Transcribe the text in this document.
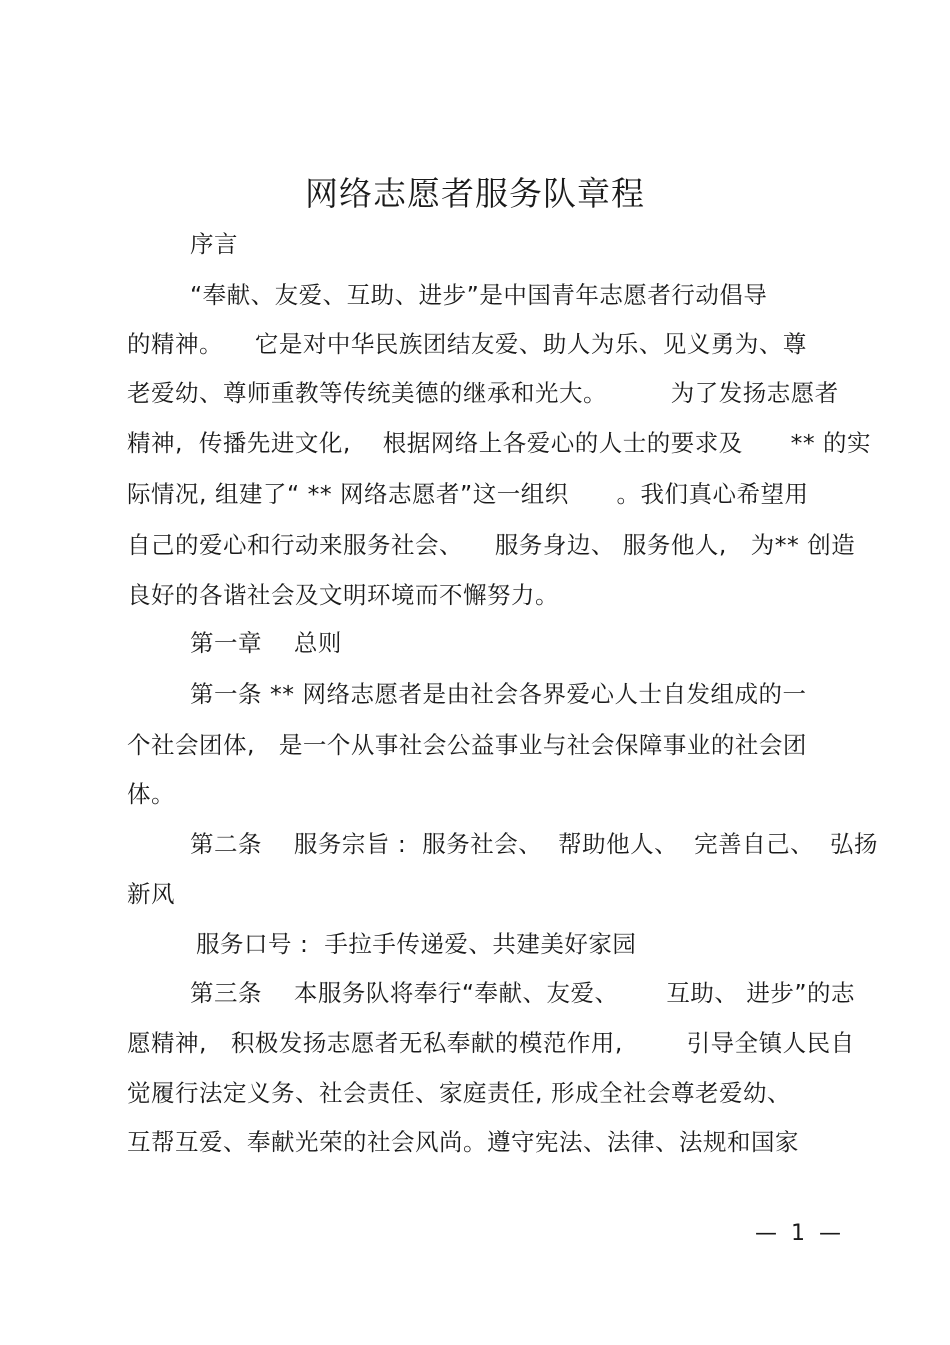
网络志愿者服务队章程
序言
“奉献、友爱、互助、进步”是中国青年志愿者行动倡导
的精神。    它是对中华民族团结友爱、助人为乐、见义勇为、尊
老爱幼、尊师重教等传统美德的继承和光大。        为了发扬志愿者
精神,  传播先进文化,    根据网络上各爱心的人士的要求及      ** 的实
际情况, 组建了“ ** 网络志愿者”这一组织      。我们真心希望用
自己的爱心和行动来服务社会、    服务身边、 服务他人,   为** 创造
良好的各谐社会及文明环境而不懈努力。
第一章    总则
第一条 ** 网络志愿者是由社会各界爱心人士自发组成的一
个社会团体,   是一个从事社会公益事业与社会保障事业的社会团
体。
第二条    服务宗旨 :  服务社会、  帮助他人、  完善自己、  弘扬
新风
服务口号 :  手拉手传递爱、共建美好家园
第三条    本服务队将奉行“奉献、友爱、      互助、 进步”的志
愿精神,   积极发扬志愿者无私奉献的模范作用,        引导全镇人民自
觉履行法定义务、社会责任、家庭责任, 形成全社会尊老爱幼、
互帮互爱、奉献光荣的社会风尚。遵守宪法、法律、法规和国家
—  1  —
